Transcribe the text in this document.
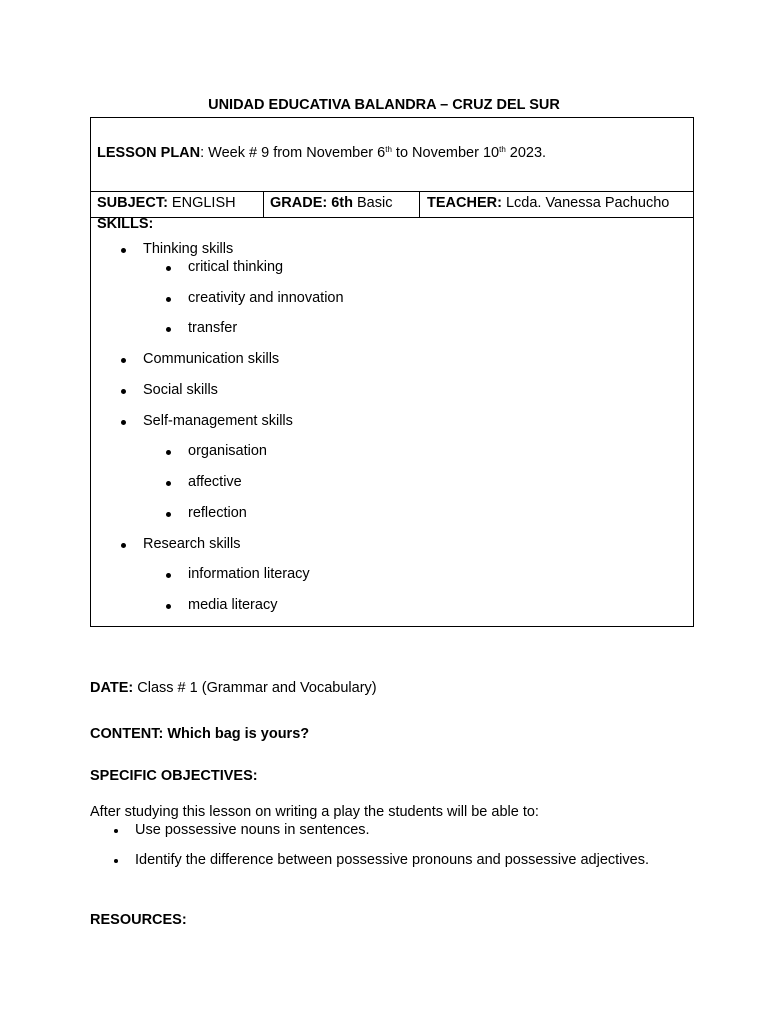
UNIDAD EDUCATIVA BALANDRA – CRUZ DEL SUR
LESSON PLAN: Week # 9 from November 6th to November 10th 2023.
SUBJECT: ENGLISH GRADE: 6th Basic TEACHER: Lcda. Vanessa Pachucho
SKILLS:
Thinking skills
critical thinking
creativity and innovation
transfer
Communication skills
Social skills
Self-management skills
organisation
affective
reflection
Research skills
information literacy
media literacy
DATE: Class # 1 (Grammar and Vocabulary)
CONTENT: Which bag is yours?
SPECIFIC OBJECTIVES:
After studying this lesson on writing a play the students will be able to:
Use possessive nouns in sentences.
Identify the difference between possessive pronouns and possessive adjectives.
RESOURCES:
